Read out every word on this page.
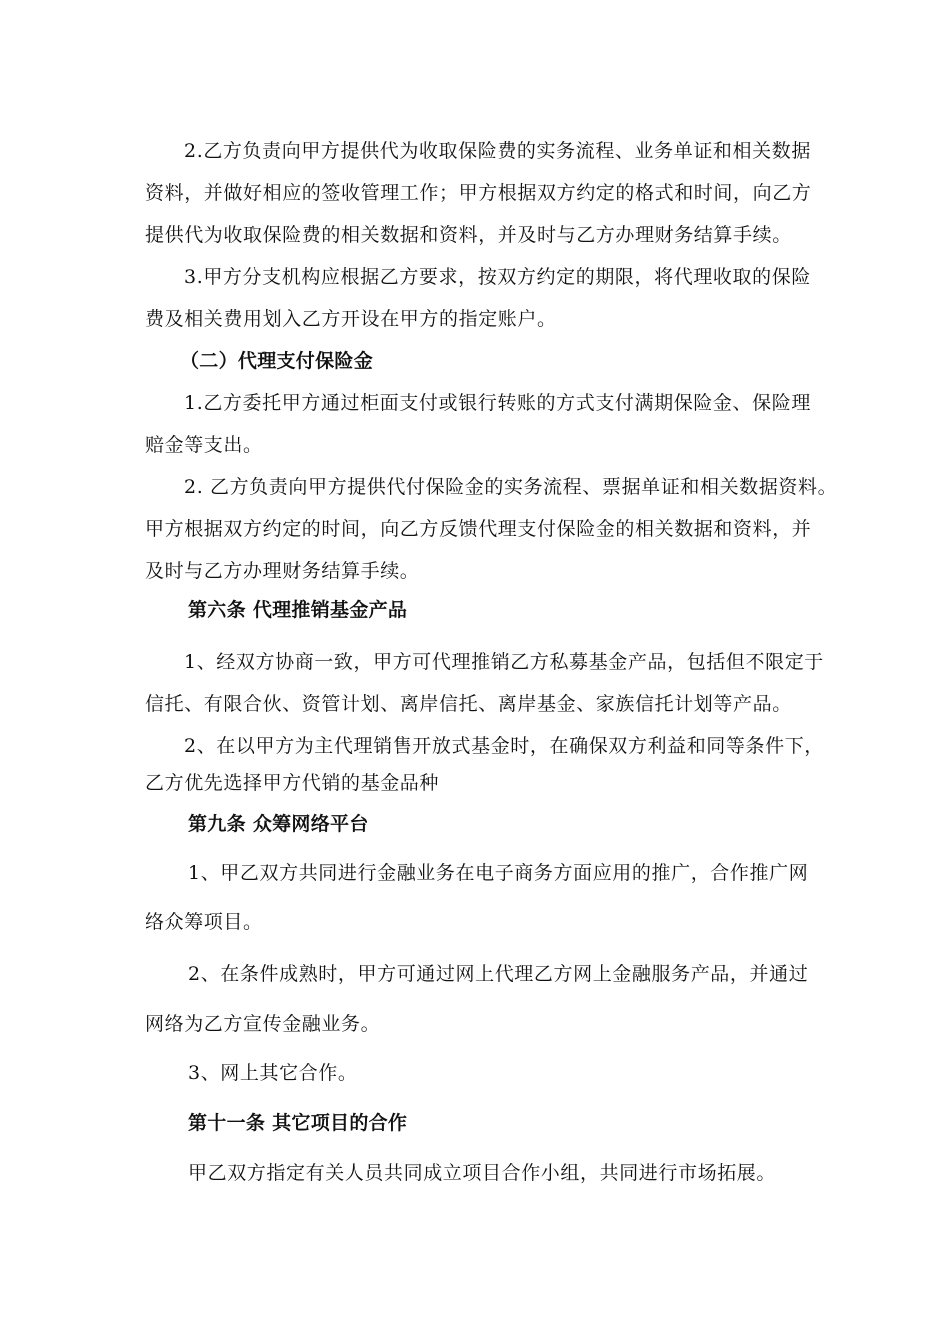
2.乙方负责向甲方提供代为收取保险费的实务流程、业务单证和相关数据
资料，并做好相应的签收管理工作；甲方根据双方约定的格式和时间，向乙方
提供代为收取保险费的相关数据和资料，并及时与乙方办理财务结算手续。
3.甲方分支机构应根据乙方要求，按双方约定的期限，将代理收取的保险
费及相关费用划入乙方开设在甲方的指定账户。
（二）代理支付保险金
1.乙方委托甲方通过柜面支付或银行转账的方式支付满期保险金、保险理
赔金等支出。
2. 乙方负责向甲方提供代付保险金的实务流程、票据单证和相关数据资料。
甲方根据双方约定的时间，向乙方反馈代理支付保险金的相关数据和资料，并
及时与乙方办理财务结算手续。
第六条 代理推销基金产品
1、经双方协商一致，甲方可代理推销乙方私募基金产品，包括但不限定于
信托、有限合伙、资管计划、离岸信托、离岸基金、家族信托计划等产品。
2、在以甲方为主代理销售开放式基金时，在确保双方利益和同等条件下，
乙方优先选择甲方代销的基金品种
第九条 众筹网络平台
1、甲乙双方共同进行金融业务在电子商务方面应用的推广，合作推广网
络众筹项目。
2、在条件成熟时，甲方可通过网上代理乙方网上金融服务产品，并通过
网络为乙方宣传金融业务。
3、网上其它合作。
第十一条 其它项目的合作
甲乙双方指定有关人员共同成立项目合作小组，共同进行市场拓展。
